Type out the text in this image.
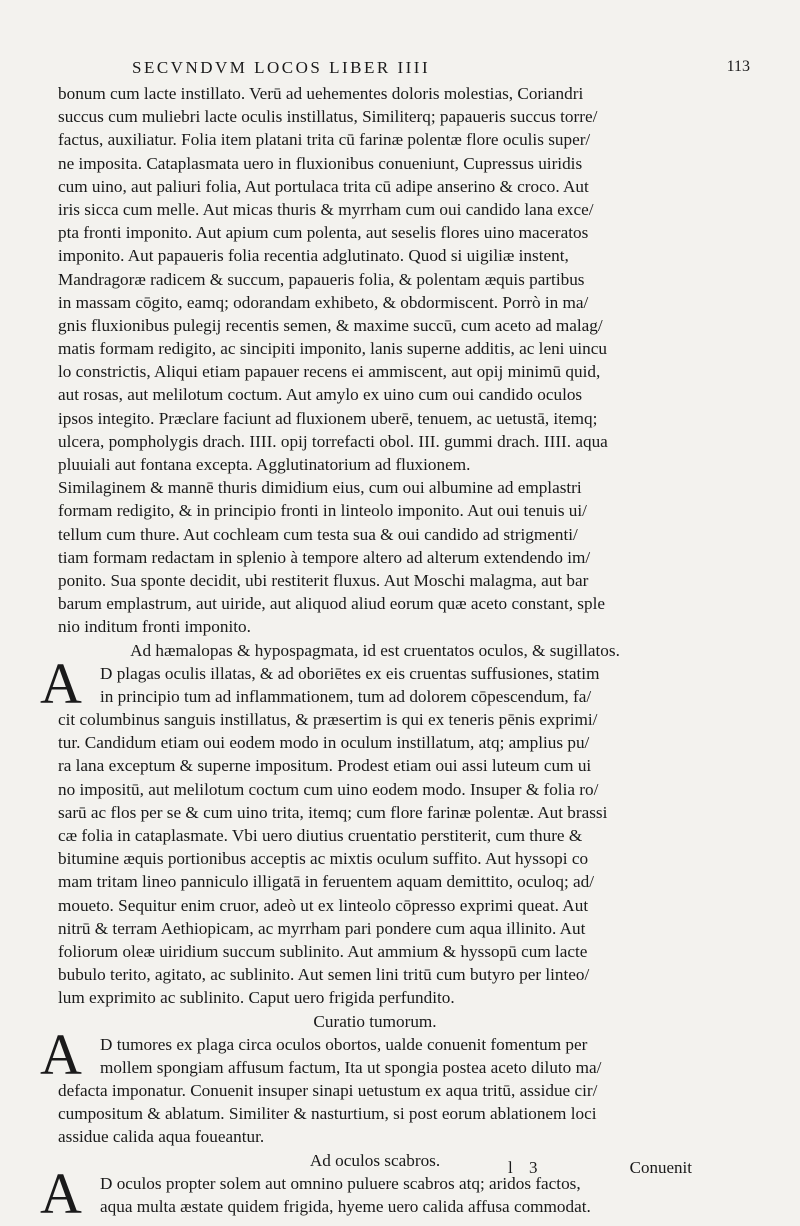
SECVNDVM LOCOS LIBER IIII	113
bonum cum lacte instillato. Verū ad uehementes doloris molestias, Coriandri
succus cum muliebri lacte oculis instillatus, Similiterq; papaueris succus torre/
factus, auxiliatur. Folia item platani trita cū farinæ polentæ flore oculis super/
ne imposita. Cataplasmata uero in fluxionibus conueniunt, Cupressus uiridis
cum uino, aut paliuri folia, Aut portulaca trita cū adipe anserino & croco. Aut
iris sicca cum melle. Aut micas thuris & myrrham cum oui candido lana exce/
pta fronti imponito. Aut apium cum polenta, aut seselis flores uino maceratos
imponito. Aut papaueris folia recentia adglutinato. Quod si uigiliæ instent,
Mandragoræ radicem & succum, papaueris folia, & polentam æquis partibus
in massam cōgito, eamq; odorandam exhibeto, & obdormiscent. Porrò in ma/
gnis fluxionibus pulegij recentis semen, & maxime succū, cum aceto ad malag/
matis formam redigito, ac sincipiti imponito, lanis superne additis, ac leni uincu
lo constrictis, Aliqui etiam papauer recens ei ammiscent, aut opij minimū quid,
aut rosas, aut melilotum coctum. Aut amylo ex uino cum oui candido oculos
ipsos integito. Præclare faciunt ad fluxionem uberē, tenuem, ac uetustā, itemq;
ulcera, pompholygis drach. IIII. opij torrefacti obol. III. gummi drach. IIII. aqua
pluuiali aut fontana excepta. Agglutinatorium ad fluxionem.
Similaginem & mannē thuris dimidium eius, cum oui albumine ad emplastri
formam redigito, & in principio fronti in linteolo imponito. Aut oui tenuis ui/
tellum cum thure. Aut cochleam cum testa sua & oui candido ad strigmenti/
tiam formam redactam in splenio à tempore altero ad alterum extendendo im/
ponito. Sua sponte decidit, ubi restiterit fluxus. Aut Moschi malagma, aut bar
barum emplastrum, aut uiride, aut aliquod aliud eorum quæ aceto constant, sple
nio inditum fronti imponito.
Ad hæmalopas & hypospagmata, id est cruentatos oculos, & sugillatos.
A	D plagas oculis illatas, & ad oboriētes ex eis cruentas suffusiones, statim
in principio tum ad inflammationem, tum ad dolorem cōpescendum, fa/
cit columbinus sanguis instillatus, & præsertim is qui ex teneris pēnis exprimi/
tur. Candidum etiam oui eodem modo in oculum instillatum, atq; amplius pu/
ra lana exceptum & superne impositum. Prodest etiam oui assi luteum cum ui
no impositū, aut melilotum coctum cum uino eodem modo. Insuper & folia ro/
sarū ac flos per se & cum uino trita, itemq; cum flore farinæ polentæ. Aut brassi
cæ folia in cataplasmate. Vbi uero diutius cruentatio perstiterit, cum thure &
bitumine æquis portionibus acceptis ac mixtis oculum suffito. Aut hyssopi co
mam tritam lineo panniculo illigatā in feruentem aquam demittito, oculoq; ad/
moueto. Sequitur enim cruor, adeò ut ex linteolo cōpresso exprimi queat. Aut
nitrū & terram Aethiopicam, ac myrrham pari pondere cum aqua illinito. Aut
foliorum oleæ uiridium succum sublinito. Aut ammium & hyssopū cum lacte
bubulo terito, agitato, ac sublinito. Aut semen lini tritū cum butyro per linteo/
lum exprimito ac sublinito. Caput uero frigida perfundito.
Curatio tumorum.
A	D tumores ex plaga circa oculos obortos, ualde conuenit fomentum per
mollem spongiam affusum factum, Ita ut spongia postea aceto diluto ma/
defacta imponatur. Conuenit insuper sinapi uetustum ex aqua tritū, assidue cir/
cumpositum & ablatum. Similiter & nasturtium, si post eorum ablationem loci
assidue calida aqua foueantur.
Ad oculos scabros.
A	D oculos propter solem aut omnino puluere scabros atq; aridos factos,
aqua multa æstate quidem frigida, hyeme uero calida affusa commodat.
l 3	Conuenit
